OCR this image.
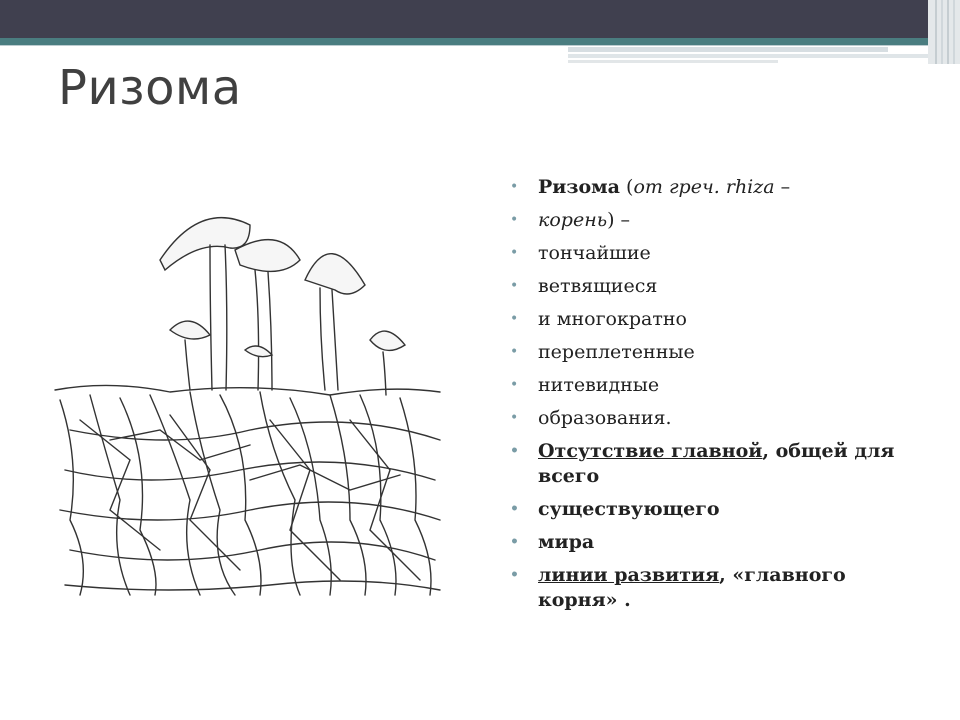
Ризома
• Ризома (от греч. rhiza –
• корень) –
• тончайшие
• ветвящиеся
• и многократно
• переплетенные
• нитевидные
• образования.
• Отсутствие главной, общей для всего
• существующего
• мира
• линии развития, «главного корня» .
